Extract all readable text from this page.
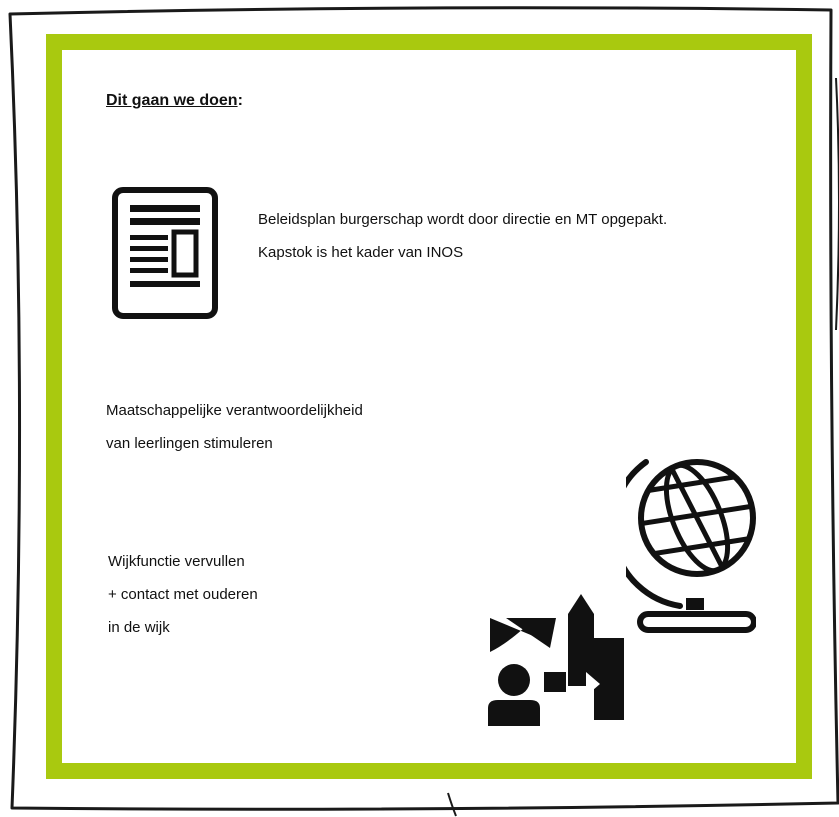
Dit gaan we doen:
Beleidsplan burgerschap wordt door directie en MT opgepakt.
Kapstok is het kader van INOS
Maatschappelijke verantwoordelijkheid
van leerlingen stimuleren
Wijkfunctie vervullen
+ contact met ouderen
in de wijk
